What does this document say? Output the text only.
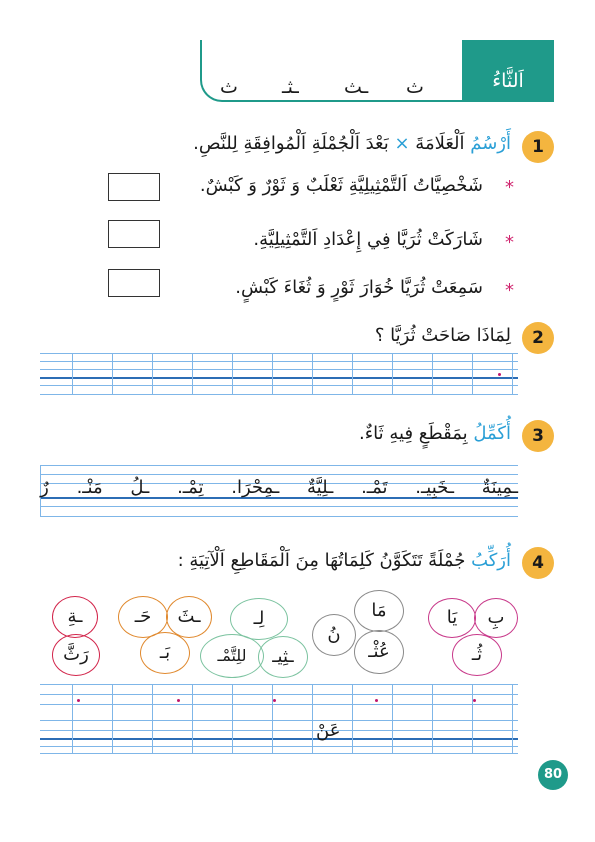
اَلثَّاءُ
ث ـثـ ـث ث
1
أَرْسُمُ اَلْعَلَامَةَ × بَعْدَ اَلْجُمْلَةِ اَلْمُوافِقَةِ لِلنَّصِ.
*
شَخْصِيَّاتُ اَلتَّمْثِيلِيَّةِ ثَعْلَبٌ وَ ثَوْرٌ وَ كَبْشٌ.
*
شَارَكَتْ ثُرَيَّا فِي إِعْدَادِ اَلتَّمْثِيلِيَّةِ.
*
سَمِعَتْ ثُرَيَّا خُوَارَ ثَوْرٍ وَ ثُغَاءَ كَبْشٍ.
2
لِمَاذَا صَاحَتْ ثُرَيَّا ؟
3
أُكَمِّلُ بِمَقْطَعٍ فِيهِ ثَاءٌ.
ـمِينَةٌ
ـخَبِيـ.
تَمْـ.
ـلِيَّةٌ
ـمِحْرَا.
تِمْـ.
ـلُ
مَنْـ.
رٌ
4
أُرَكِّبُ جُمْلَةً تَتَكَوَّنُ كَلِمَاتُهَا مِنَ اَلْمَقَاطِعِ اَلْآتِيَةِ :
بِ
يَا
ثُـ
مَا
نُ
عُثْـ
لِـ
للِتَّمْـ	ـثِيـ
ـثَ
حَـ
بَـ
ـةِ
رَثَّ
عَنْ
80
